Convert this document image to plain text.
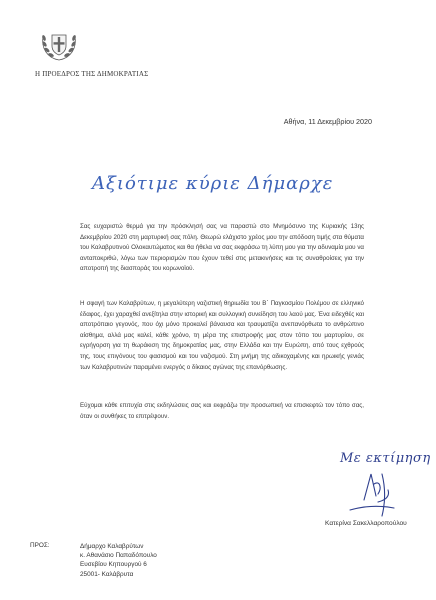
Η ΠΡΟΕΔΡΟΣ ΤΗΣ ΔΗΜΟΚΡΑΤΙΑΣ
Αθήνα, 11 Δεκεμβρίου 2020
Αξιότιμε κύριε Δήμαρχε
Σας ευχαριστώ θερμά για την πρόσκλησή σας να παραστώ στο Μνημόσυνο της Κυριακής 13ης Δεκεμβρίου 2020 στη μαρτυρική σας πόλη. Θεωρώ ελάχιστο χρέος μου την απόδοση τιμής στα θύματα του Καλαβρυτινού Ολοκαυτώματος και θα ήθελα να σας εκφράσω τη λύπη μου για την αδυναμία μου να ανταποκριθώ, λόγω των περιορισμών που έχουν τεθεί στις μετακινήσεις και τις συναθροίσεις για την αποτροπή της διασποράς του κορωνοϊού.
Η σφαγή των Καλαβρύτων, η μεγαλύτερη ναζιστική θηριωδία του Β΄ Παγκοσμίου Πολέμου σε ελληνικό έδαφος, έχει χαραχθεί ανεξίτηλα στην ιστορική και συλλογική συνείδηση του λαού μας. Ένα ειδεχθές και αποτρόπαιο γεγονός, που όχι μόνο προκαλεί βάναυσα και τραυματίζει ανεπανόρθωτα το ανθρώπινο αίσθημα, αλλά μας καλεί, κάθε χρόνο, τη μέρα της επιστροφής μας στον τόπο του μαρτυρίου, σε εγρήγορση για τη θωράκιση της δημοκρατίας μας, στην Ελλάδα και την Ευρώπη, από τους εχθρούς της, τους επιγόνους του φασισμού και του ναζισμού. Στη μνήμη της αδικοχαμένης και ηρωικής γενιάς των Καλαβρυτινών παραμένει ενεργός ο δίκαιος αγώνας της επανόρθωσης.
Εύχομαι κάθε επιτυχία στις εκδηλώσεις σας και εκφράζω την προσωπική να επισκεφτώ τον τόπο σας, όταν οι συνθήκες το επιτρέψουν.
Με εκτίμηση
Κατερίνα Σακελλαροπούλου
ΠΡΟΣ:	Δήμαρχο Καλαβρύτων
κ. Αθανάσιο Παπαδόπουλο
Ευσεβίου Κηπουργού 6
25001- Καλάβρυτα
